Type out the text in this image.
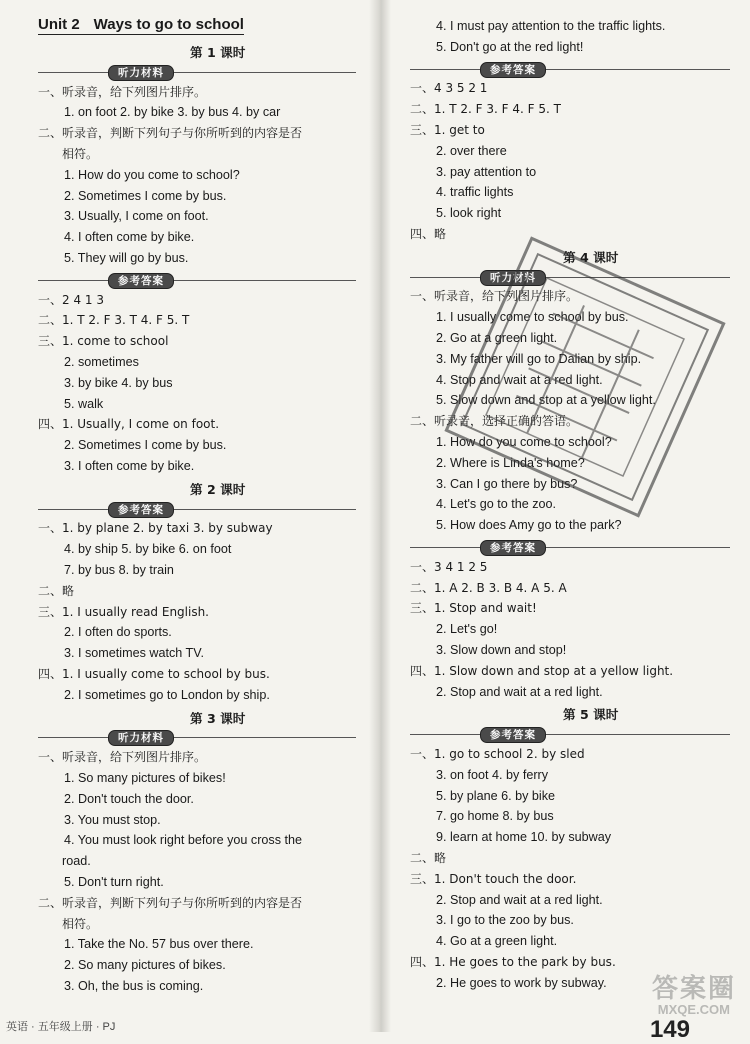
Unit 2 Ways to go to school
第 1 课时
听力材料
一、听录音，给下列图片排序。
1. on foot 2. by bike 3. by bus 4. by car
二、听录音，判断下列句子与你所听到的内容是否
相符。
1. How do you come to school?
2. Sometimes I come by bus.
3. Usually, I come on foot.
4. I often come by bike.
5. They will go by bus.
参考答案
一、2 4 1 3
二、1. T 2. F 3. T 4. F 5. T
三、1. come to school
2. sometimes
3. by bike 4. by bus
5. walk
四、1. Usually, I come on foot.
2. Sometimes I come by bus.
3. I often come by bike.
第 2 课时
参考答案
一、1. by plane 2. by taxi 3. by subway
4. by ship 5. by bike 6. on foot
7. by bus 8. by train
二、略
三、1. I usually read English.
2. I often do sports.
3. I sometimes watch TV.
四、1. I usually come to school by bus.
2. I sometimes go to London by ship.
第 3 课时
听力材料
一、听录音，给下列图片排序。
1. So many pictures of bikes!
2. Don't touch the door.
3. You must stop.
4. You must look right before you cross the
road.
5. Don't turn right.
二、听录音，判断下列句子与你所听到的内容是否
相符。
1. Take the No. 57 bus over there.
2. So many pictures of bikes.
3. Oh, the bus is coming.
4. I must pay attention to the traffic lights.
5. Don't go at the red light!
参考答案
一、4 3 5 2 1
二、1. T 2. F 3. F 4. F 5. T
三、1. get to
2. over there
3. pay attention to
4. traffic lights
5. look right
四、略
第 4 课时
听力材料
一、听录音，给下列图片排序。
1. I usually come to school by bus.
2. Go at a green light.
3. My father will go to Dalian by ship.
4. Stop and wait at a red light.
5. Slow down and stop at a yellow light.
二、听录音，选择正确的答语。
1. How do you come to school?
2. Where is Linda's home?
3. Can I go there by bus?
4. Let's go to the zoo.
5. How does Amy go to the park?
参考答案
一、3 4 1 2 5
二、1. A 2. B 3. B 4. A 5. A
三、1. Stop and wait!
2. Let's go!
3. Slow down and stop!
四、1. Slow down and stop at a yellow light.
2. Stop and wait at a red light.
第 5 课时
参考答案
一、1. go to school 2. by sled
3. on foot 4. by ferry
5. by plane 6. by bike
7. go home 8. by bus
9. learn at home 10. by subway
二、略
三、1. Don't touch the door.
2. Stop and wait at a red light.
3. I go to the zoo by bus.
4. Go at a green light.
四、1. He goes to the park by bus.
2. He goes to work by subway. 答案圈
MXQE.COM
149
英语 · 五年级上册 · PJ
